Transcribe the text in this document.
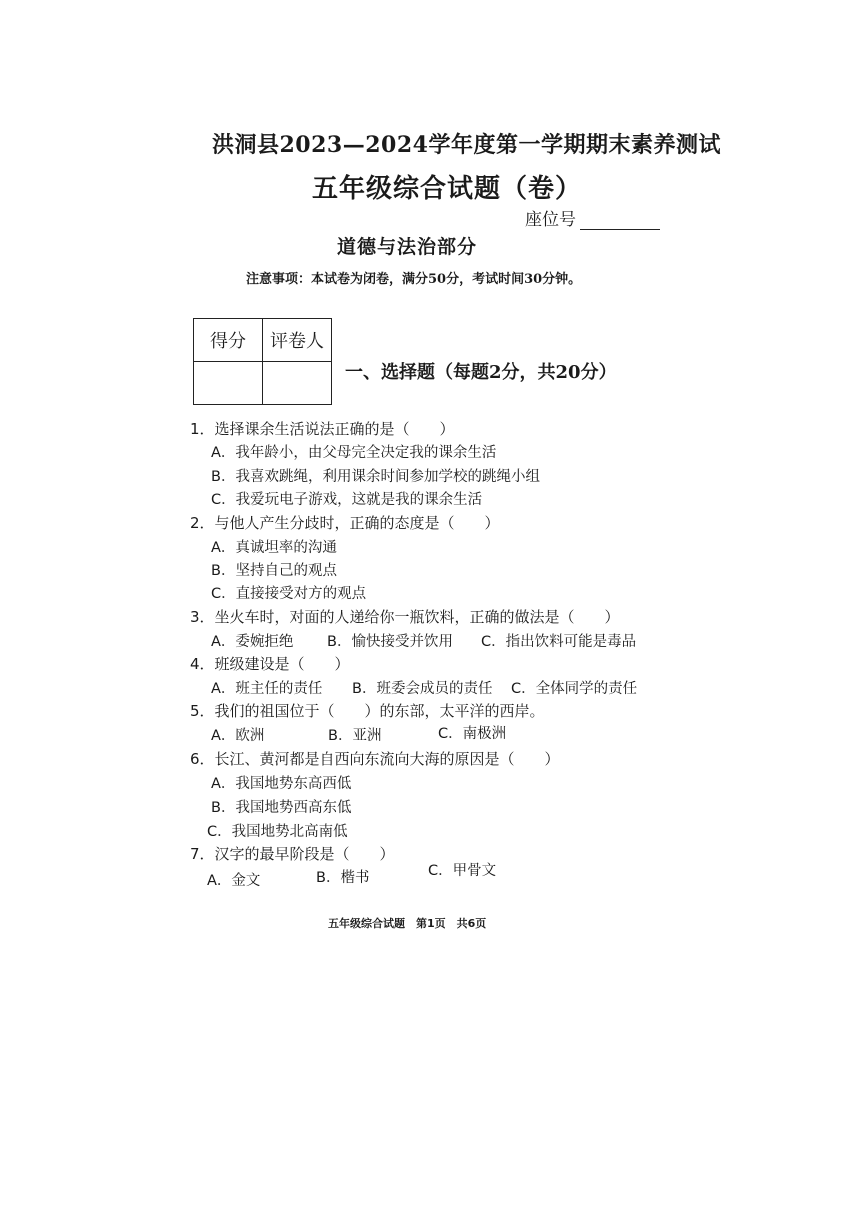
洪洞县2023—2024学年度第一学期期末素养测试
五年级综合试题（卷）
座位号
道德与法治部分
注意事项：本试卷为闭卷，满分50分，考试时间30分钟。
得分	评卷人

一、选择题（每题2分，共20分）
1．选择课余生活说法正确的是（　　）
A．我年龄小，由父母完全决定我的课余生活
B．我喜欢跳绳，利用课余时间参加学校的跳绳小组
C．我爱玩电子游戏，这就是我的课余生活
2．与他人产生分歧时，正确的态度是（　　）
A．真诚坦率的沟通
B．坚持自己的观点
C．直接接受对方的观点
3．坐火车时，对面的人递给你一瓶饮料，正确的做法是（　　）
A．委婉拒绝 B．愉快接受并饮用 C．指出饮料可能是毒品
4．班级建设是（　　）
A．班主任的责任 B．班委会成员的责任 C．全体同学的责任
5．我们的祖国位于（　　）的东部，太平洋的西岸。
A．欧洲	B．亚洲	C．南极洲
6．长江、黄河都是自西向东流向大海的原因是（　　）
A．我国地势东高西低
B．我国地势西高东低
C．我国地势北高南低
7．汉字的最早阶段是（　　）
A．金文	B．楷书	C．甲骨文
五年级综合试题　第1页　共6页
